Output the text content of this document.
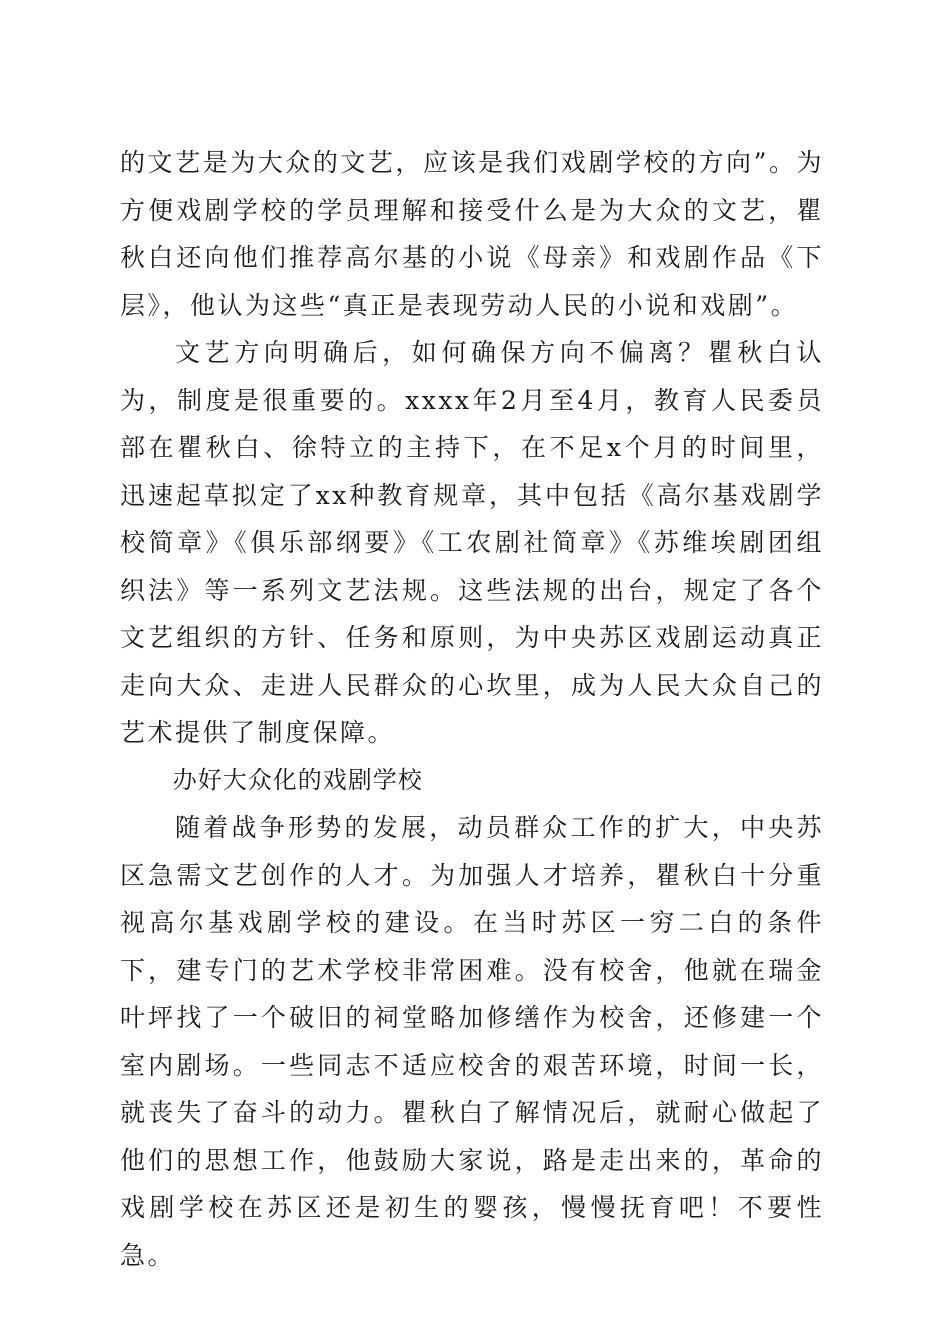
的文艺是为大众的文艺，应该是我们戏剧学校的方向”。为方便戏剧学校的学员理解和接受什么是为大众的文艺，瞿秋白还向他们推荐高尔基的小说《母亲》和戏剧作品《下层》，他认为这些“真正是表现劳动人民的小说和戏剧”。

文艺方向明确后，如何确保方向不偏离？瞿秋白认为，制度是很重要的。xxxx年2月至4月，教育人民委员部在瞿秋白、徐特立的主持下，在不足x个月的时间里，迅速起草拟定了xx种教育规章，其中包括《高尔基戏剧学校简章》《俱乐部纲要》《工农剧社简章》《苏维埃剧团组织法》等一系列文艺法规。这些法规的出台，规定了各个文艺组织的方针、任务和原则，为中央苏区戏剧运动真正走向大众、走进人民群众的心坎里，成为人民大众自己的艺术提供了制度保障。

办好大众化的戏剧学校

随着战争形势的发展，动员群众工作的扩大，中央苏区急需文艺创作的人才。为加强人才培养，瞿秋白十分重视高尔基戏剧学校的建设。在当时苏区一穷二白的条件下，建专门的艺术学校非常困难。没有校舍，他就在瑞金叶坪找了一个破旧的祠堂略加修缮作为校舍，还修建一个室内剧场。一些同志不适应校舍的艰苦环境，时间一长，就丧失了奋斗的动力。瞿秋白了解情况后，就耐心做起了他们的思想工作，他鼓励大家说，路是走出来的，革命的戏剧学校在苏区还是初生的婴孩，慢慢抚育吧！不要性急。
